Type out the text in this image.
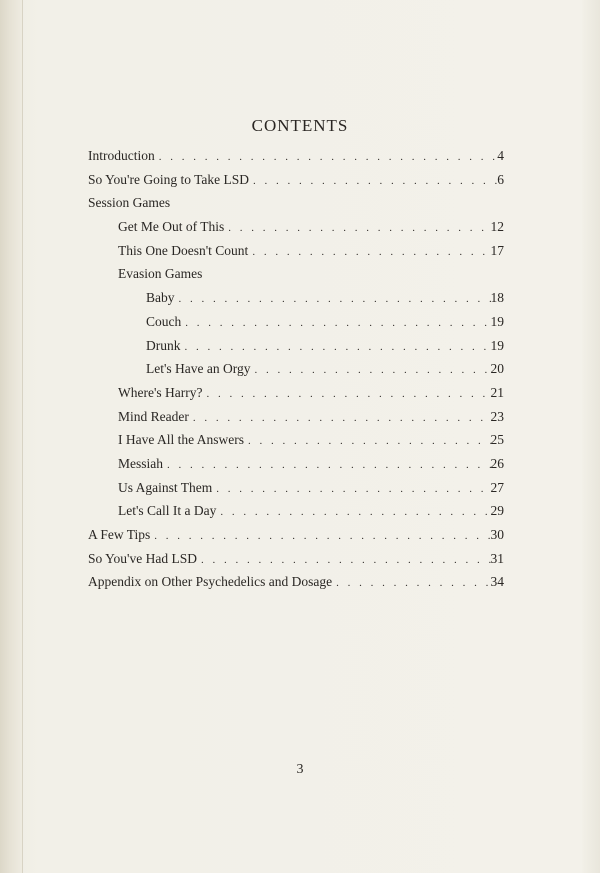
CONTENTS
Introduction . . .	4
So You're Going to Take LSD . . .	6
Session Games
Get Me Out of This . . .	12
This One Doesn't Count . . .	17
Evasion Games
Baby . . .	18
Couch . . .	19
Drunk . . .	19
Let's Have an Orgy . . .	20
Where's Harry? . . .	21
Mind Reader . . .	23
I Have All the Answers . . .	25
Messiah . . .	26
Us Against Them . . .	27
Let's Call It a Day . . .	29
A Few Tips . . .	30
So You've Had LSD . . .	31
Appendix on Other Psychedelics and Dosage . . .	34
3
